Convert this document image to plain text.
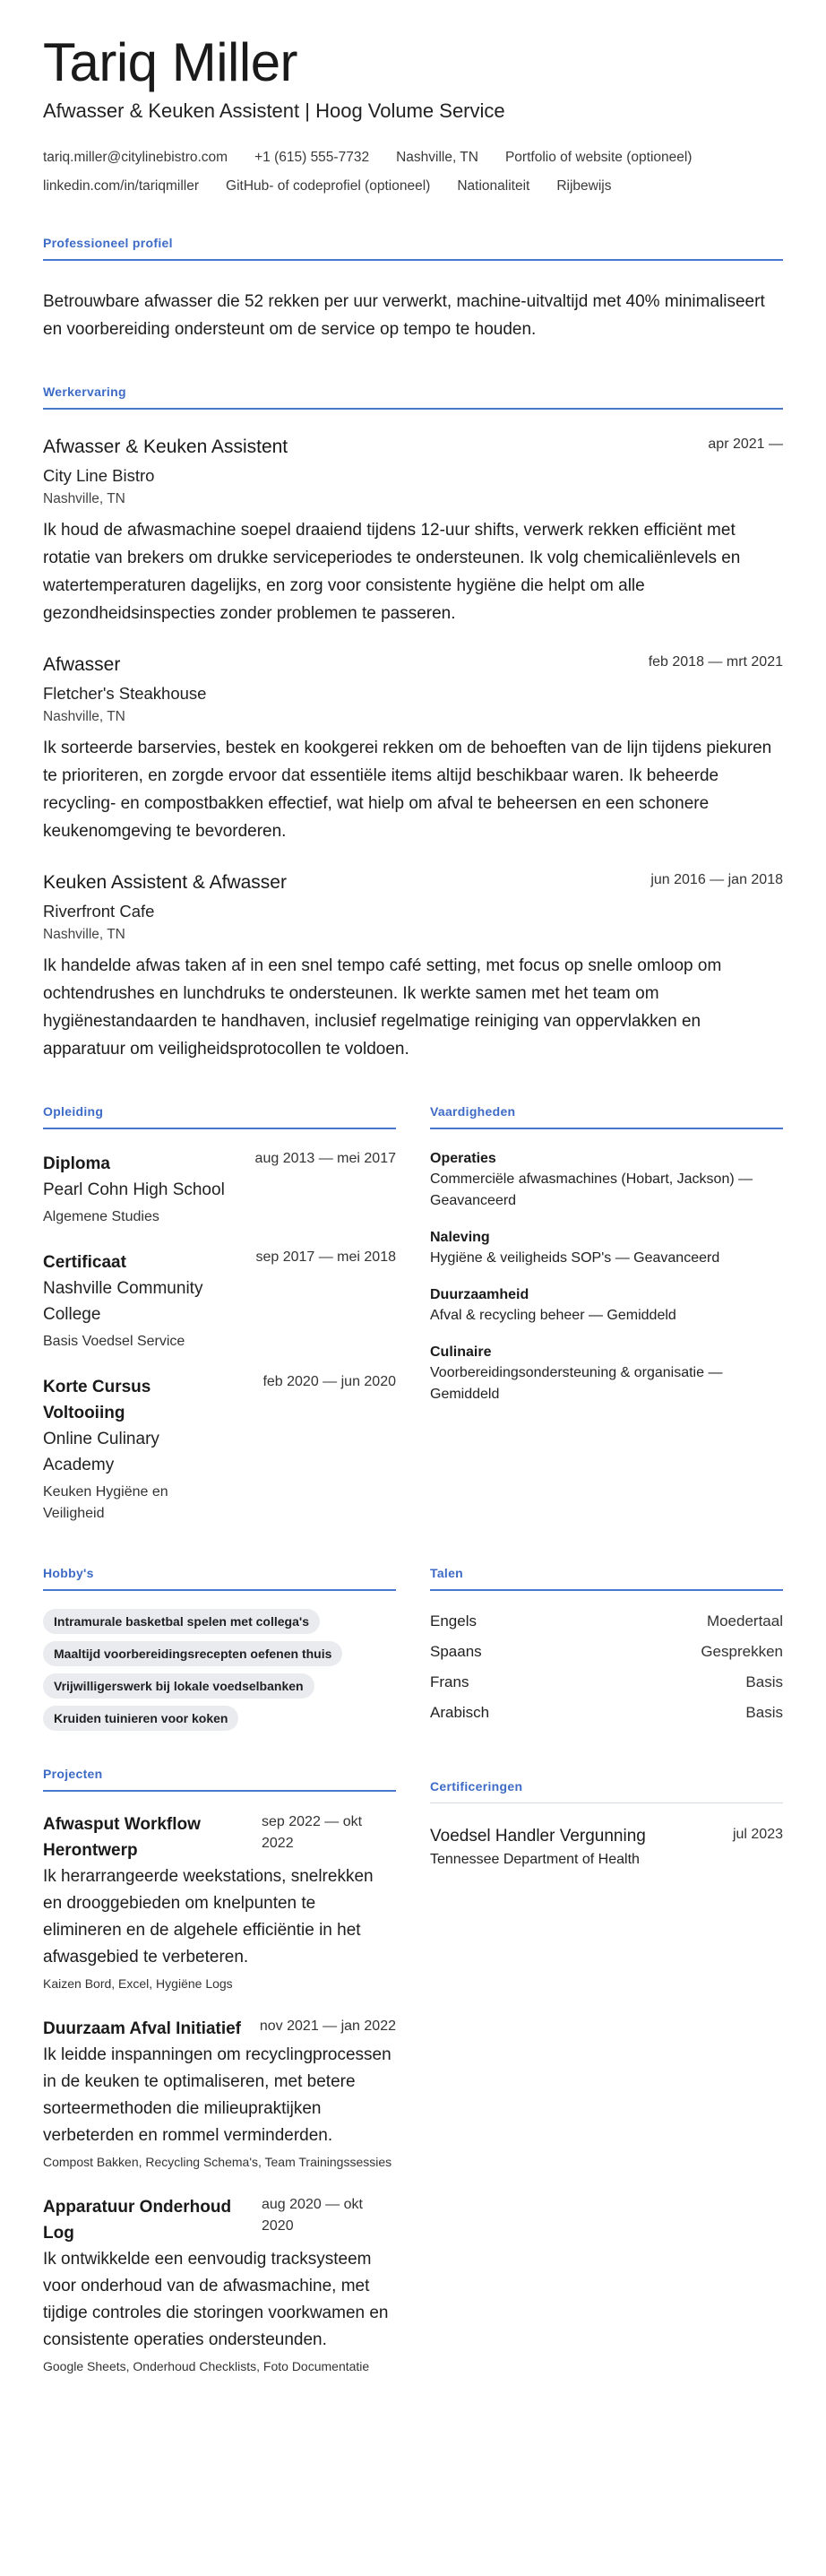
Tariq Miller
Afwasser & Keuken Assistent | Hoog Volume Service
tariq.miller@citylinebistro.com +1 (615) 555-7732 Nashville, TN Portfolio of website (optioneel)
linkedin.com/in/tariqmiller GitHub- of codeprofiel (optioneel) Nationaliteit Rijbewijs
Professioneel profiel

Betrouwbare afwasser die 52 rekken per uur verwerkt, machine-uitvaltijd met 40% minimaliseert en voorbereiding ondersteunt om de service op tempo te houden.

Werkervaring
Afwasser & Keuken Assistent	apr 2021 —
City Line Bistro
Nashville, TN

Ik houd de afwasmachine soepel draaiend tijdens 12-uur shifts, verwerk rekken efficiënt met rotatie van brekers om drukke serviceperiodes te ondersteunen. Ik volg chemicaliënlevels en watertemperaturen dagelijks, en zorg voor consistente hygiëne die helpt om alle gezondheidsinspecties zonder problemen te passeren.

Afwasser	feb 2018 — mrt 2021
Fletcher's Steakhouse
Nashville, TN

Ik sorteerde barservies, bestek en kookgerei rekken om de behoeften van de lijn tijdens piekuren te prioriteren, en zorgde ervoor dat essentiële items altijd beschikbaar waren. Ik beheerde recycling- en compostbakken effectief, wat hielp om afval te beheersen en een schonere keukenomgeving te bevorderen.

Keuken Assistent & Afwasser	jun 2016 — jan 2018
Riverfront Cafe
Nashville, TN

Ik handelde afwas taken af in een snel tempo café setting, met focus op snelle omloop om ochtendrushes en lunchdruks te ondersteunen. Ik werkte samen met het team om hygiënestandaarden te handhaven, inclusief regelmatige reiniging van oppervlakken en apparatuur om veiligheidsprotocollen te voldoen.

Opleiding
Diploma
Pearl Cohn High School
aug 2013 — mei 2017
Algemene Studies
Certificaat
Nashville Community College
sep 2017 — mei 2018
Basis Voedsel Service
Korte Cursus Voltooiing
Online Culinary Academy
feb 2020 — jun 2020
Keuken Hygiëne en Veiligheid
Vaardigheden
Operaties
Commerciële afwasmachines (Hobart, Jackson) — Geavanceerd
Naleving
Hygiëne & veiligheids SOP's — Geavanceerd
Duurzaamheid
Afval & recycling beheer — Gemiddeld
Culinaire
Voorbereidingsondersteuning & organisatie — Gemiddeld
Hobby's
Intramurale basketbal spelen met collega's
Maaltijd voorbereidingsrecepten oefenen thuis
Vrijwilligerswerk bij lokale voedselbanken
Kruiden tuinieren voor koken
Talen
Engels	Moedertaal
Spaans	Gesprekken
Frans	Basis
Arabisch	Basis
Projecten
Afwasput Workflow Herontwerp
sep 2022 — okt 2022

Ik herarrangeerde weekstations, snelrekken en drooggebieden om knelpunten te elimineren en de algehele efficiëntie in het afwasgebied te verbeteren.

Kaizen Bord, Excel, Hygiëne Logs
Duurzaam Afval Initiatief	nov 2021 — jan 2022

Ik leidde inspanningen om recyclingprocessen in de keuken te optimaliseren, met betere sorteermethoden die milieupraktijken verbeterden en rommel verminderden.

Compost Bakken, Recycling Schema's, Team Trainingssessies
Apparatuur Onderhoud Log
aug 2020 — okt 2020

Ik ontwikkelde een eenvoudig tracksysteem voor onderhoud van de afwasmachine, met tijdige controles die storingen voorkwamen en consistente operaties ondersteunden.

Google Sheets, Onderhoud Checklists, Foto Documentatie
Certificeringen
Voedsel Handler Vergunning	jul 2023
Tennessee Department of Health
